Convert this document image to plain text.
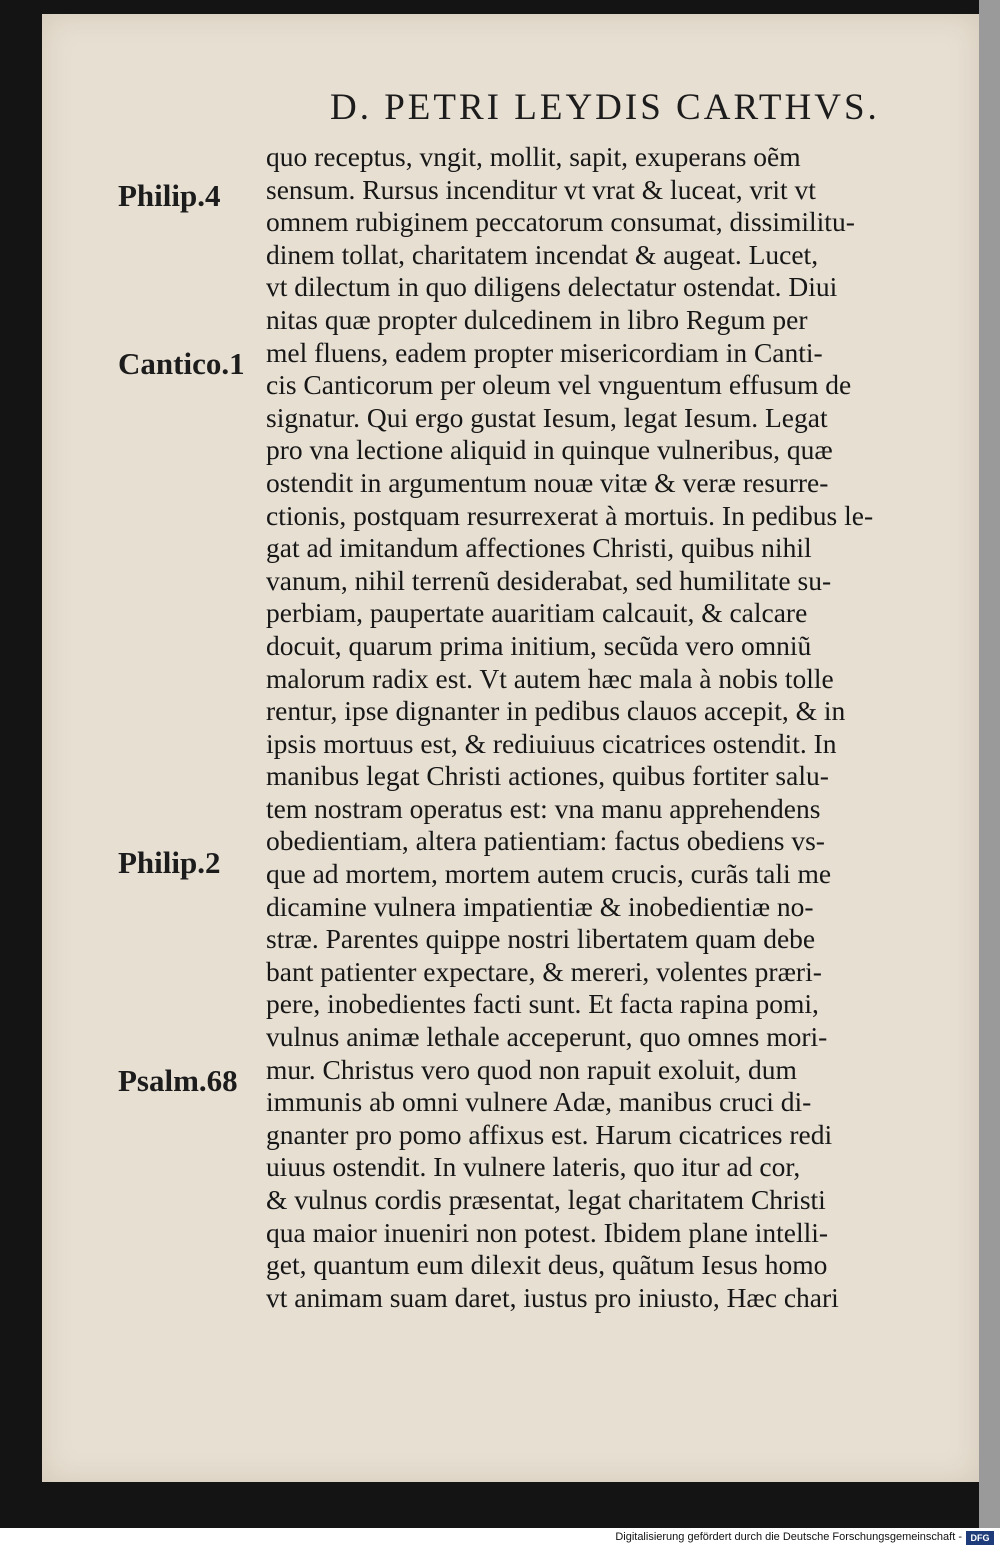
D. PETRI LEYDIS CARTHVS.
Philip.4
Cantico.1
Philip.2
Psalm.68
quo receptus, vngit, mollit, sapit, exuperans oẽm
sensum. Rursus incenditur vt vrat & luceat, vrit vt
omnem rubiginem peccatorum consumat, dissimilitu-
dinem tollat, charitatem incendat & augeat. Lucet,
vt dilectum in quo diligens delectatur ostendat. Diui
nitas quæ propter dulcedinem in libro Regum per
mel fluens, eadem propter misericordiam in Canti-
cis Canticorum per oleum vel vnguentum effusum de
signatur. Qui ergo gustat Iesum, legat Iesum. Legat
pro vna lectione aliquid in quinque vulneribus, quæ
ostendit in argumentum nouæ vitæ & veræ resurre-
ctionis, postquam resurrexerat à mortuis. In pedibus le-
gat ad imitandum affectiones Christi, quibus nihil
vanum, nihil terrenũ desiderabat, sed humilitate su-
perbiam, paupertate auaritiam calcauit, & calcare
docuit, quarum prima initium, secũda vero omniũ
malorum radix est. Vt autem hæc mala à nobis tolle
rentur, ipse dignanter in pedibus clauos accepit, & in
ipsis mortuus est, & rediuiuus cicatrices ostendit. In
manibus legat Christi actiones, quibus fortiter salu-
tem nostram operatus est: vna manu apprehendens
obedientiam, altera patientiam: factus obediens vs-
que ad mortem, mortem autem crucis, curãs tali me
dicamine vulnera impatientiæ & inobedientiæ no-
stræ. Parentes quippe nostri libertatem quam debe
bant patienter expectare, & mereri, volentes præri-
pere, inobedientes facti sunt. Et facta rapina pomi,
vulnus animæ lethale acceperunt, quo omnes mori-
mur. Christus vero quod non rapuit exoluit, dum
immunis ab omni vulnere Adæ, manibus cruci di-
gnanter pro pomo affixus est. Harum cicatrices redi
uiuus ostendit. In vulnere lateris, quo itur ad cor,
& vulnus cordis præsentat, legat charitatem Christi
qua maior inueniri non potest. Ibidem plane intelli-
get, quantum eum dilexit deus, quãtum Iesus homo
vt animam suam daret, iustus pro iniusto, Hæc chari
Digitalisierung gefördert durch die Deutsche Forschungsgemeinschaft - DFG
